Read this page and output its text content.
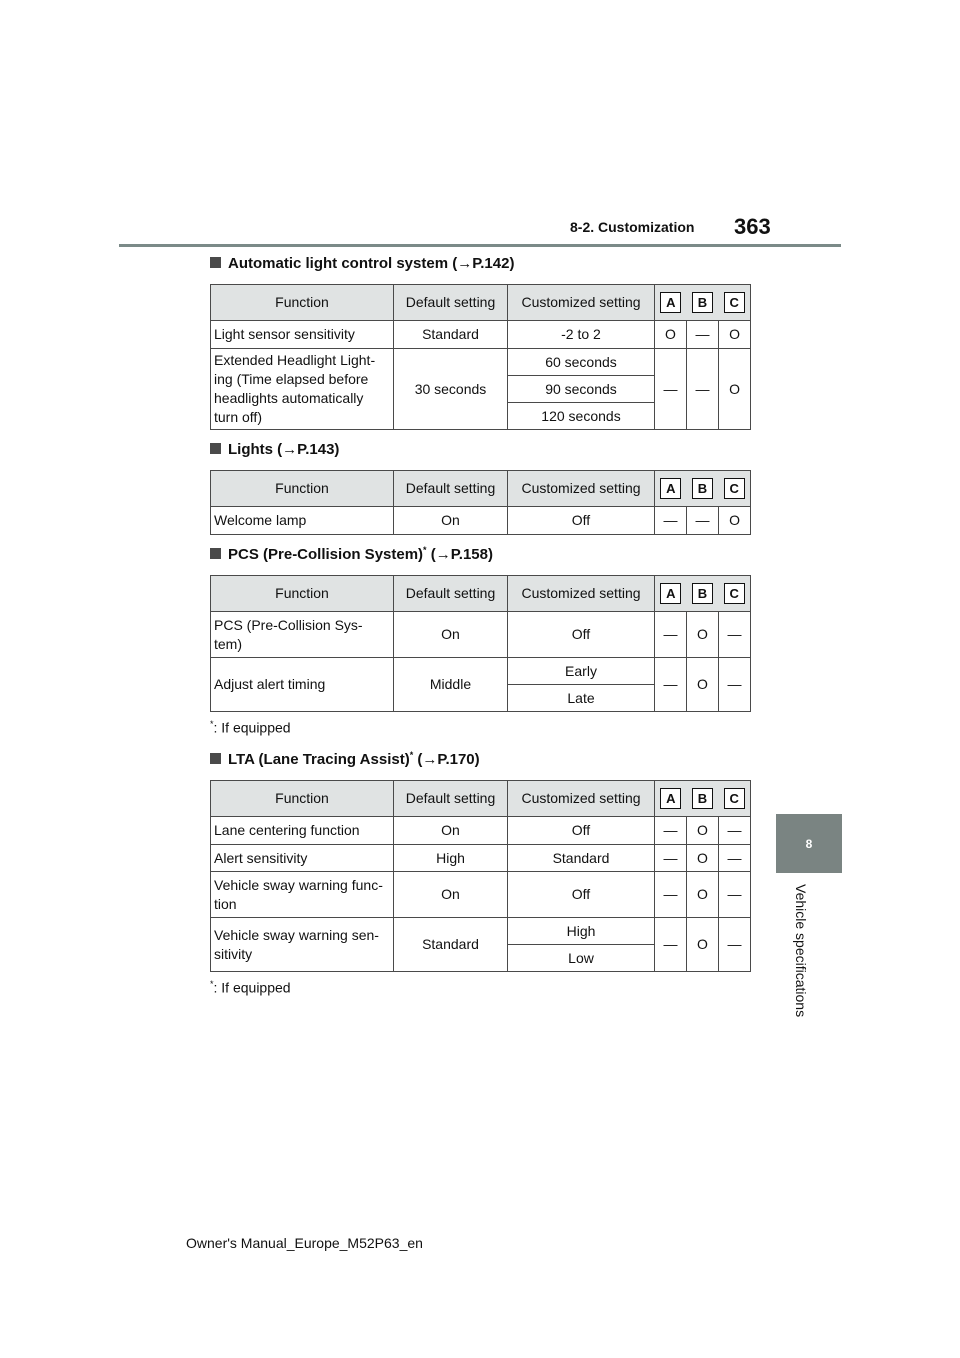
8-2. Customization 363
8
Vehicle specifications
Automatic light control system (→P.142)
Function	Default setting	Customized setting	A B C		

Light sensor sensitivity	Standard	-2 to 2	O	—	O
Extended Headlight Light-ing (Time elapsed before headlights automatically turn off)	30 seconds	60 seconds	—	—	O
		90 seconds			
		120 seconds			
Lights (→P.143)
Function	Default setting	Customized setting	A B C		

Welcome lamp	On	Off	—	—	O
PCS (Pre-Collision System)* (→P.158)
Function	Default setting	Customized setting	A B C		

PCS (Pre-Collision Sys-tem)	On	Off	—	O	—
Adjust alert timing	Middle	Early	—	O	—
		Late			
*: If equipped
LTA (Lane Tracing Assist)* (→P.170)
Function	Default setting	Customized setting	A B C		

Lane centering function	On	Off	—	O	—
Alert sensitivity	High	Standard	—	O	—
Vehicle sway warning func-tion	On	Off	—	O	—
Vehicle sway warning sen-sitivity	Standard	High	—	O	—
		Low			
*: If equipped
Owner's Manual_Europe_M52P63_en
